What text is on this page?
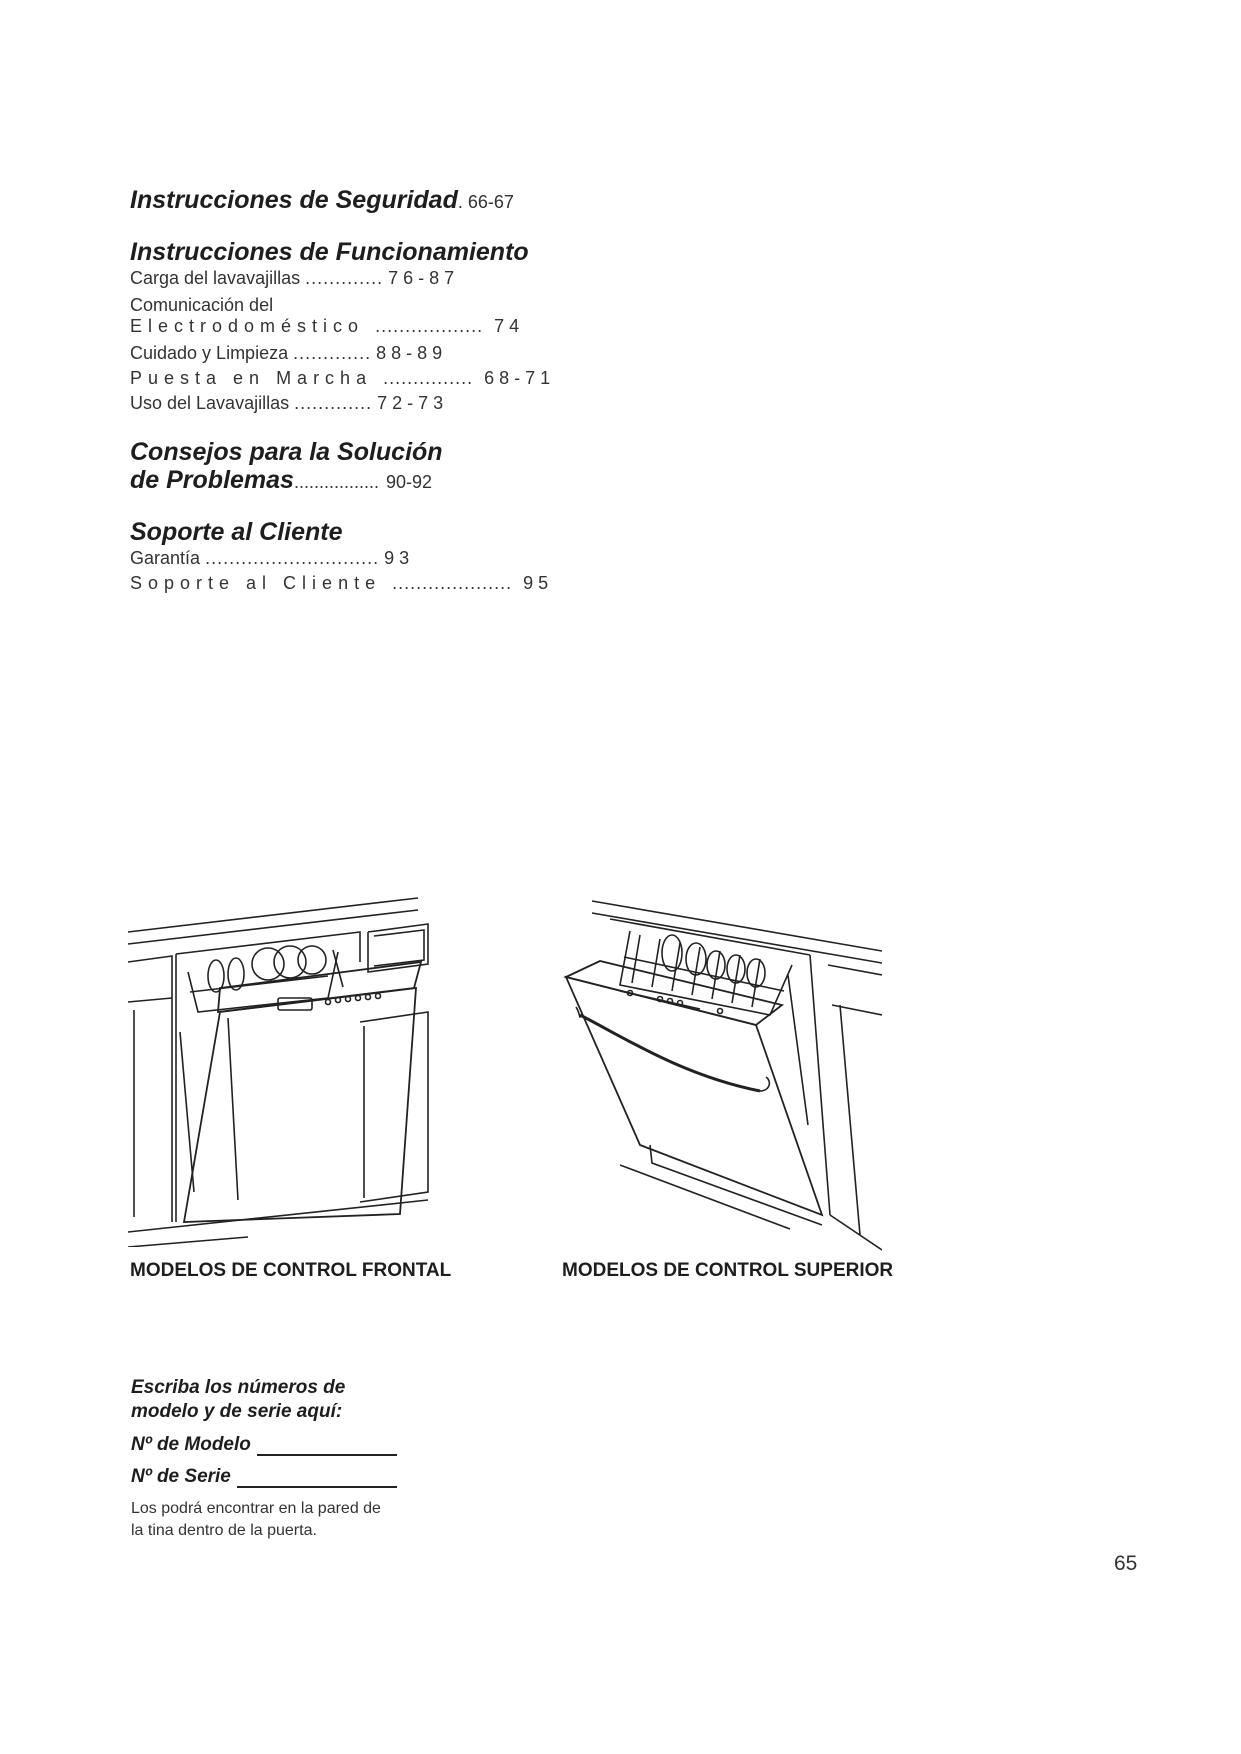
Instrucciones de Seguridad. 66-67

Instrucciones de Funcionamiento

Carga del lavavajillas ............. 76-87
Comunicación del
Electrodoméstico .................. 74
Cuidado y Limpieza ............. 88-89
Puesta en Marcha ............... 68-71
Uso del Lavavajillas ............. 72-73

Consejos para la Solución

de Problemas................. 90-92

Soporte al Cliente

Garantía ............................. 93
Soporte al Cliente .................... 95
MODELOS DE CONTROL FRONTAL	MODELOS DE CONTROL SUPERIOR
Escriba los números de
modelo y de serie aquí:
Nº de Modelo
Nº de Serie
Los podrá encontrar en la pared de
la tina dentro de la puerta.
65
